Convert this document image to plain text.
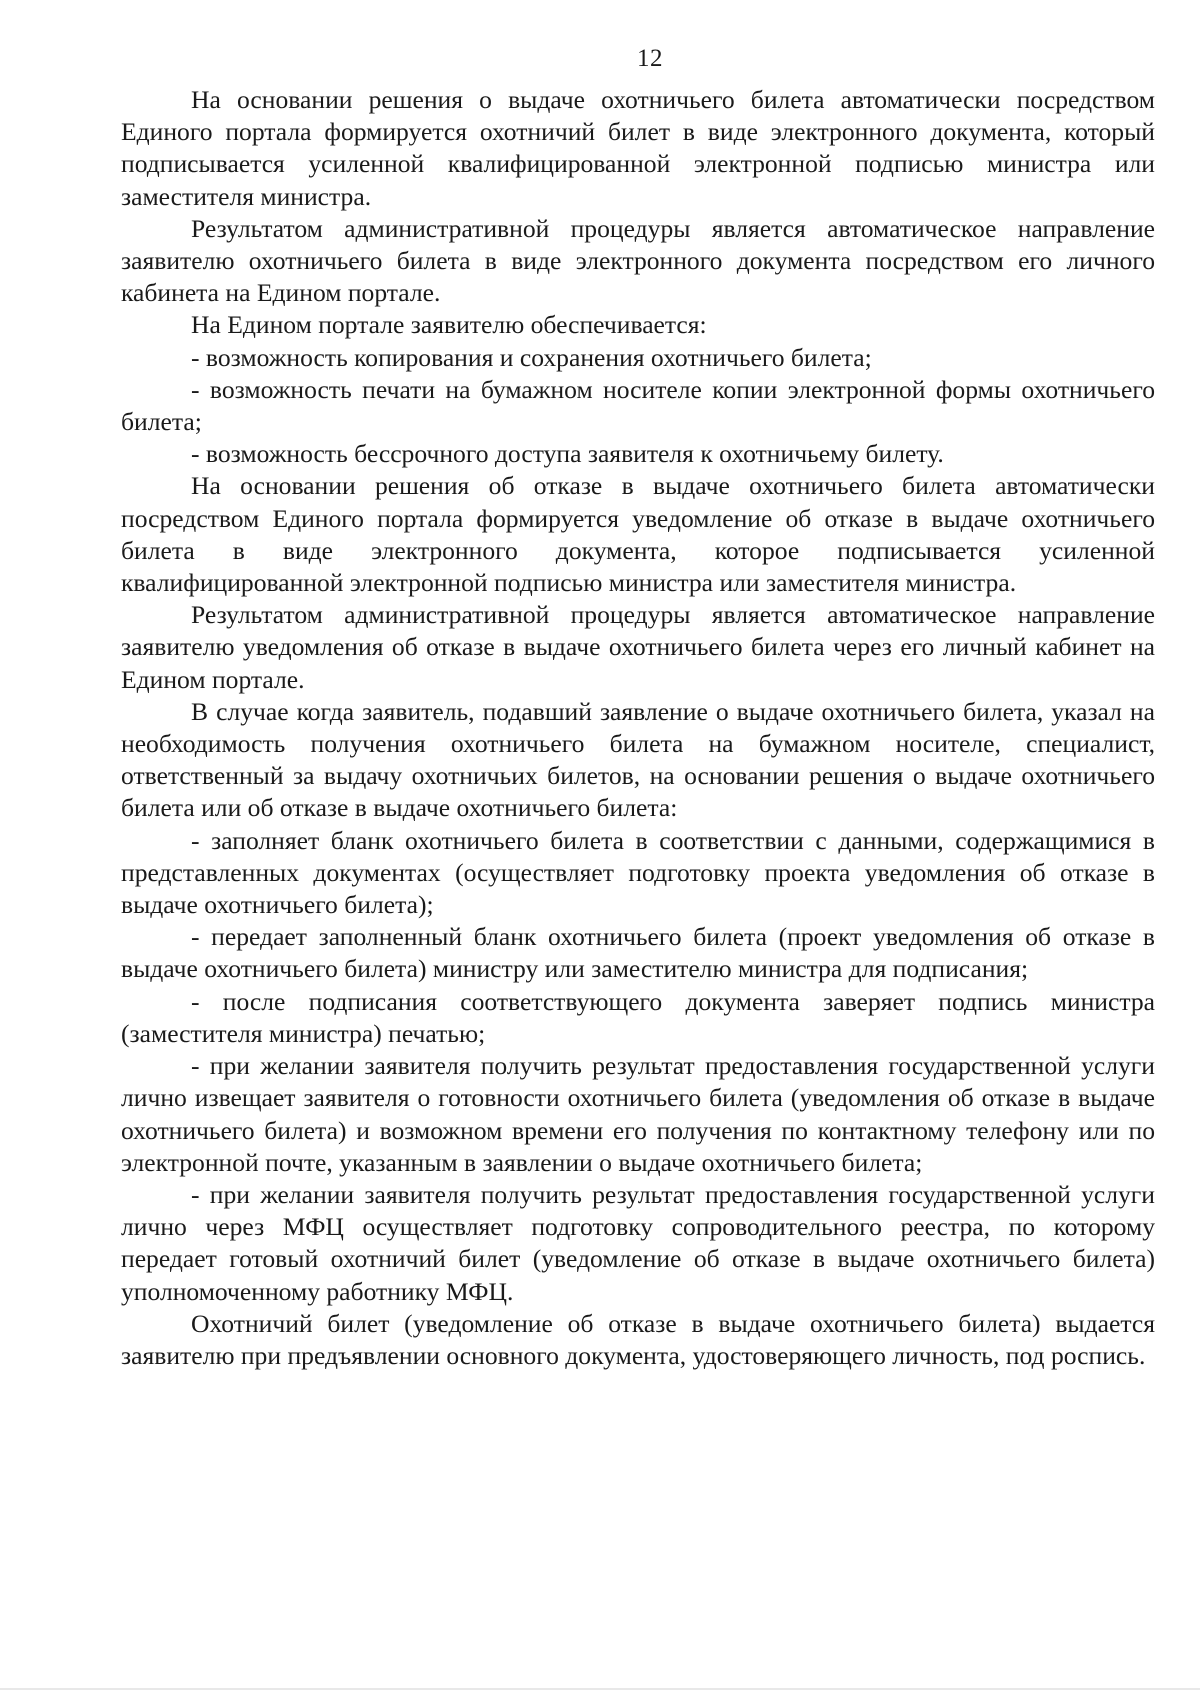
12

На основании решения о выдаче охотничьего билета автоматически посредством Единого портала формируется охотничий билет в виде электронного документа, который подписывается усиленной квалифицированной электронной подписью министра или заместителя министра.

Результатом административной процедуры является автоматическое направление заявителю охотничьего билета в виде электронного документа посредством его личного кабинета на Едином портале.

На Едином портале заявителю обеспечивается:

- возможность копирования и сохранения охотничьего билета;

- возможность печати на бумажном носителе копии электронной формы охотничьего билета;

- возможность бессрочного доступа заявителя к охотничьему билету.

На основании решения об отказе в выдаче охотничьего билета автоматически посредством Единого портала формируется уведомление об отказе в выдаче охотничьего билета в виде электронного документа, которое подписывается усиленной квалифицированной электронной подписью министра или заместителя министра.

Результатом административной процедуры является автоматическое направление заявителю уведомления об отказе в выдаче охотничьего билета через его личный кабинет на Едином портале.

В случае когда заявитель, подавший заявление о выдаче охотничьего билета, указал на необходимость получения охотничьего билета на бумажном носителе, специалист, ответственный за выдачу охотничьих билетов, на основании решения о выдаче охотничьего билета или об отказе в выдаче охотничьего билета:

- заполняет бланк охотничьего билета в соответствии с данными, содержащимися в представленных документах (осуществляет подготовку проекта уведомления об отказе в выдаче охотничьего билета);

- передает заполненный бланк охотничьего билета (проект уведомления об отказе в выдаче охотничьего билета) министру или заместителю министра для подписания;

- после подписания соответствующего документа заверяет подпись министра (заместителя министра) печатью;

- при желании заявителя получить результат предоставления государственной услуги лично извещает заявителя о готовности охотничьего билета (уведомления об отказе в выдаче охотничьего билета) и возможном времени его получения по контактному телефону или по электронной почте, указанным в заявлении о выдаче охотничьего билета;

- при желании заявителя получить результат предоставления государственной услуги лично через МФЦ осуществляет подготовку сопроводительного реестра, по которому передает готовый охотничий билет (уведомление об отказе в выдаче охотничьего билета) уполномоченному работнику МФЦ.

Охотничий билет (уведомление об отказе в выдаче охотничьего билета) выдается заявителю при предъявлении основного документа, удостоверяющего личность, под роспись.
